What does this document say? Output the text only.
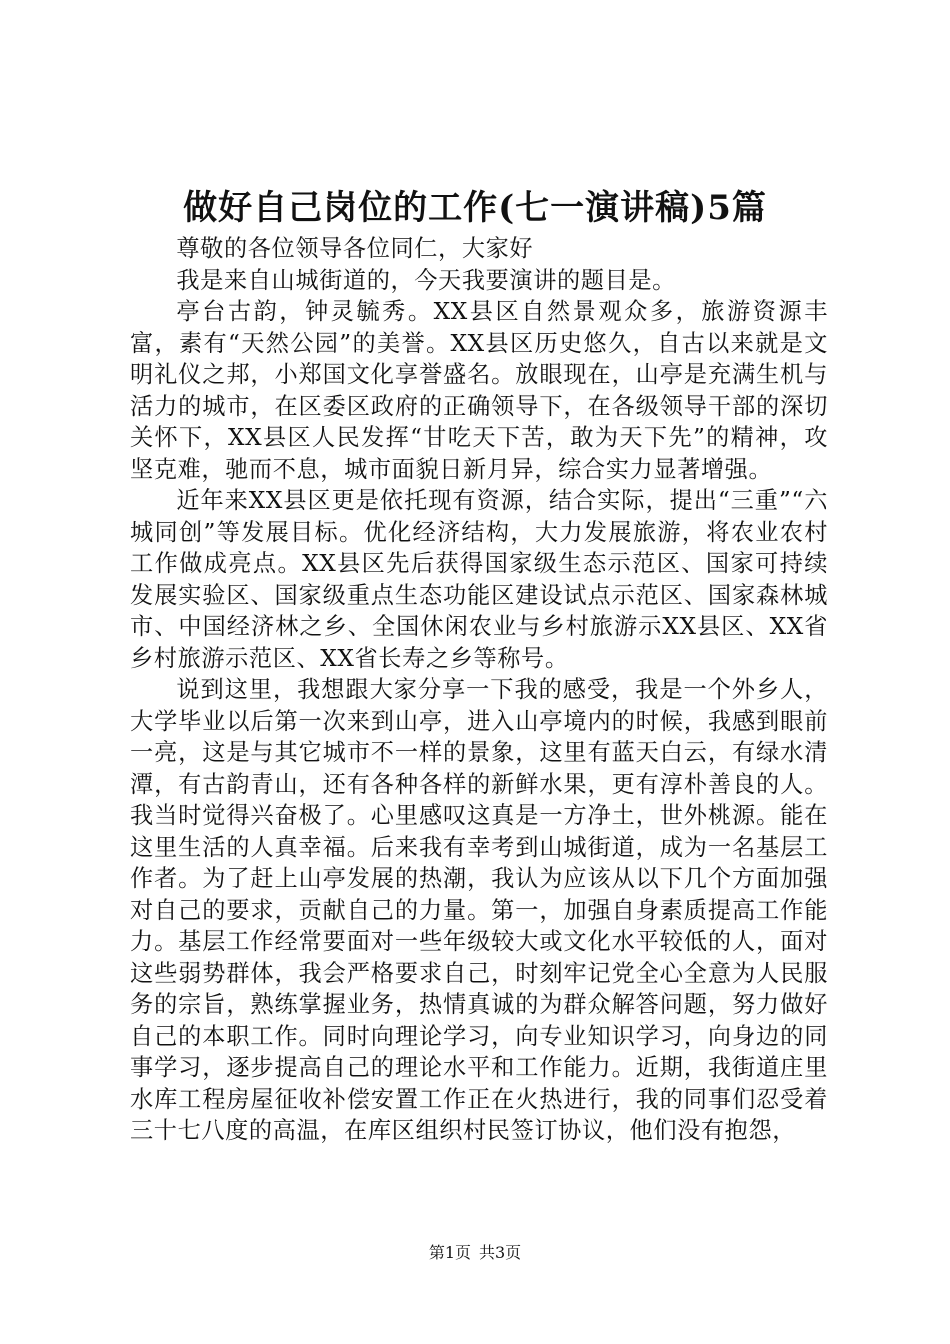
做好自己岗位的工作(七一演讲稿)5篇

尊敬的各位领导各位同仁，大家好

我是来自山城街道的，今天我要演讲的题目是。

亭台古韵，钟灵毓秀。XX县区自然景观众多，旅游资源丰富，素有“天然公园”的美誉。XX县区历史悠久，自古以来就是文明礼仪之邦，小郑国文化享誉盛名。放眼现在，山亭是充满生机与活力的城市，在区委区政府的正确领导下，在各级领导干部的深切关怀下，XX县区人民发挥“甘吃天下苦，敢为天下先”的精神，攻坚克难，驰而不息，城市面貌日新月异，综合实力显著增强。

近年来XX县区更是依托现有资源，结合实际，提出“三重”“六城同创”等发展目标。优化经济结构，大力发展旅游，将农业农村工作做成亮点。XX县区先后获得国家级生态示范区、国家可持续发展实验区、国家级重点生态功能区建设试点示范区、国家森林城市、中国经济林之乡、全国休闲农业与乡村旅游示XX县区、XX省乡村旅游示范区、XX省长寿之乡等称号。

说到这里，我想跟大家分享一下我的感受，我是一个外乡人，大学毕业以后第一次来到山亭，进入山亭境内的时候，我感到眼前一亮，这是与其它城市不一样的景象，这里有蓝天白云，有绿水清潭，有古韵青山，还有各种各样的新鲜水果，更有淳朴善良的人。我当时觉得兴奋极了。心里感叹这真是一方净土，世外桃源。能在这里生活的人真幸福。后来我有幸考到山城街道，成为一名基层工作者。为了赶上山亭发展的热潮，我认为应该从以下几个方面加强对自己的要求，贡献自己的力量。第一，加强自身素质提高工作能力。基层工作经常要面对一些年级较大或文化水平较低的人，面对这些弱势群体，我会严格要求自己，时刻牢记党全心全意为人民服务的宗旨，熟练掌握业务，热情真诚的为群众解答问题，努力做好自己的本职工作。同时向理论学习，向专业知识学习，向身边的同事学习，逐步提高自己的理论水平和工作能力。近期，我街道庄里水库工程房屋征收补偿安置工作正在火热进行，我的同事们忍受着三十七八度的高温，在库区组织村民签订协议，他们没有抱怨，

第1页 共3页
